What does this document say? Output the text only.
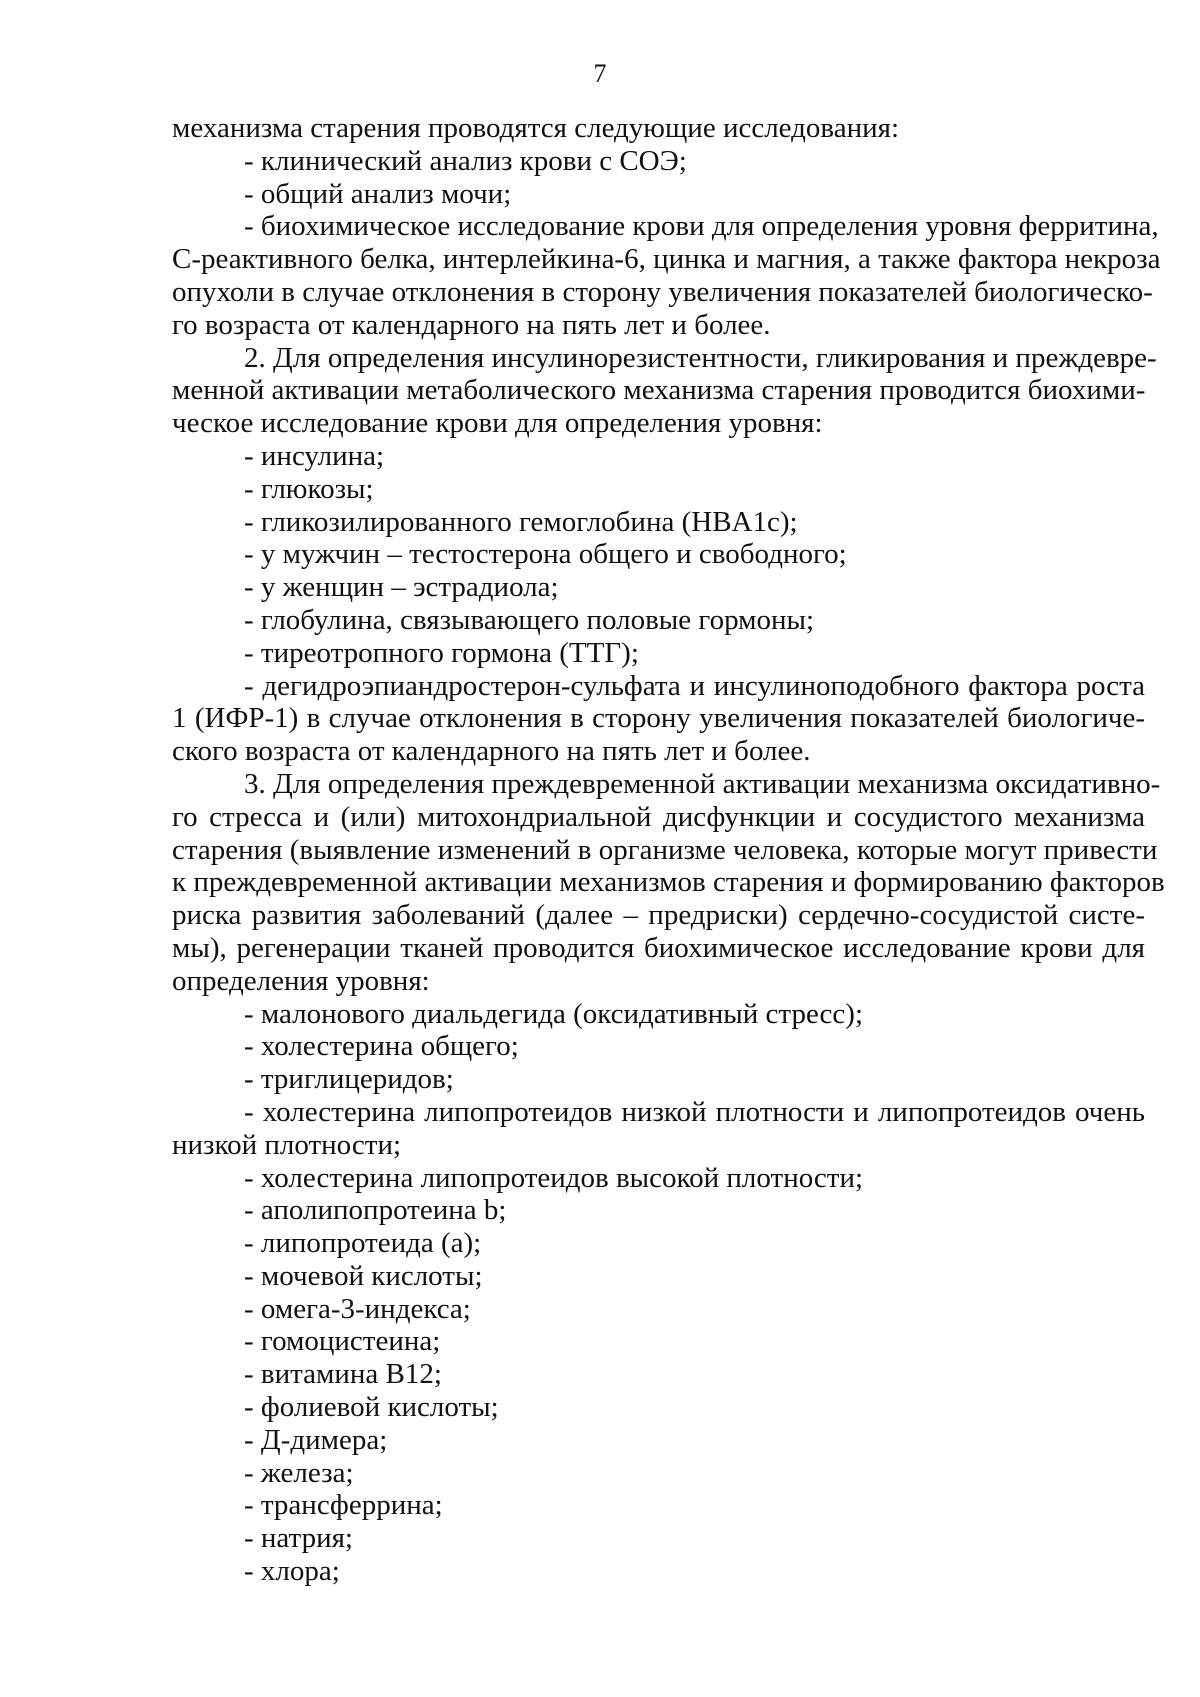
7
механизма старения проводятся следующие исследования:
- клинический анализ крови с СОЭ;
- общий анализ мочи;
- биохимическое исследование крови для определения уровня ферритина,
С-реактивного белка, интерлейкина-6, цинка и магния, а также фактора некроза
опухоли в случае отклонения в сторону увеличения показателей биологическо-
го возраста от календарного на пять лет и более.
2. Для определения инсулинорезистентности, гликирования и преждевре-
менной активации метаболического механизма старения проводится биохими-
ческое исследование крови для определения уровня:
- инсулина;
- глюкозы;
- гликозилированного гемоглобина (HBA1c);
- у мужчин – тестостерона общего и свободного;
- у женщин – эстрадиола;
- глобулина, связывающего половые гормоны;
- тиреотропного гормона (ТТГ);
- дегидроэпиандростерон-сульфата и инсулиноподобного фактора роста
1 (ИФР-1) в случае отклонения в сторону увеличения показателей биологиче-
ского возраста от календарного на пять лет и более.
3. Для определения преждевременной активации механизма оксидативно-
го стресса и (или) митохондриальной дисфункции и сосудистого механизма
старения (выявление изменений в организме человека, которые могут привести
к преждевременной активации механизмов старения и формированию факторов
риска развития заболеваний (далее – предриски) сердечно-сосудистой систе-
мы), регенерации тканей проводится биохимическое исследование крови для
определения уровня:
- малонового диальдегида (оксидативный стресс);
- холестерина общего;
- триглицеридов;
- холестерина липопротеидов низкой плотности и липопротеидов очень
низкой плотности;
- холестерина липопротеидов высокой плотности;
- аполипопротеина b;
- липопротеида (а);
- мочевой кислоты;
- омега-3-индекса;
- гомоцистеина;
- витамина В12;
- фолиевой кислоты;
- Д-димера;
- железа;
- трансферрина;
- натрия;
- хлора;
